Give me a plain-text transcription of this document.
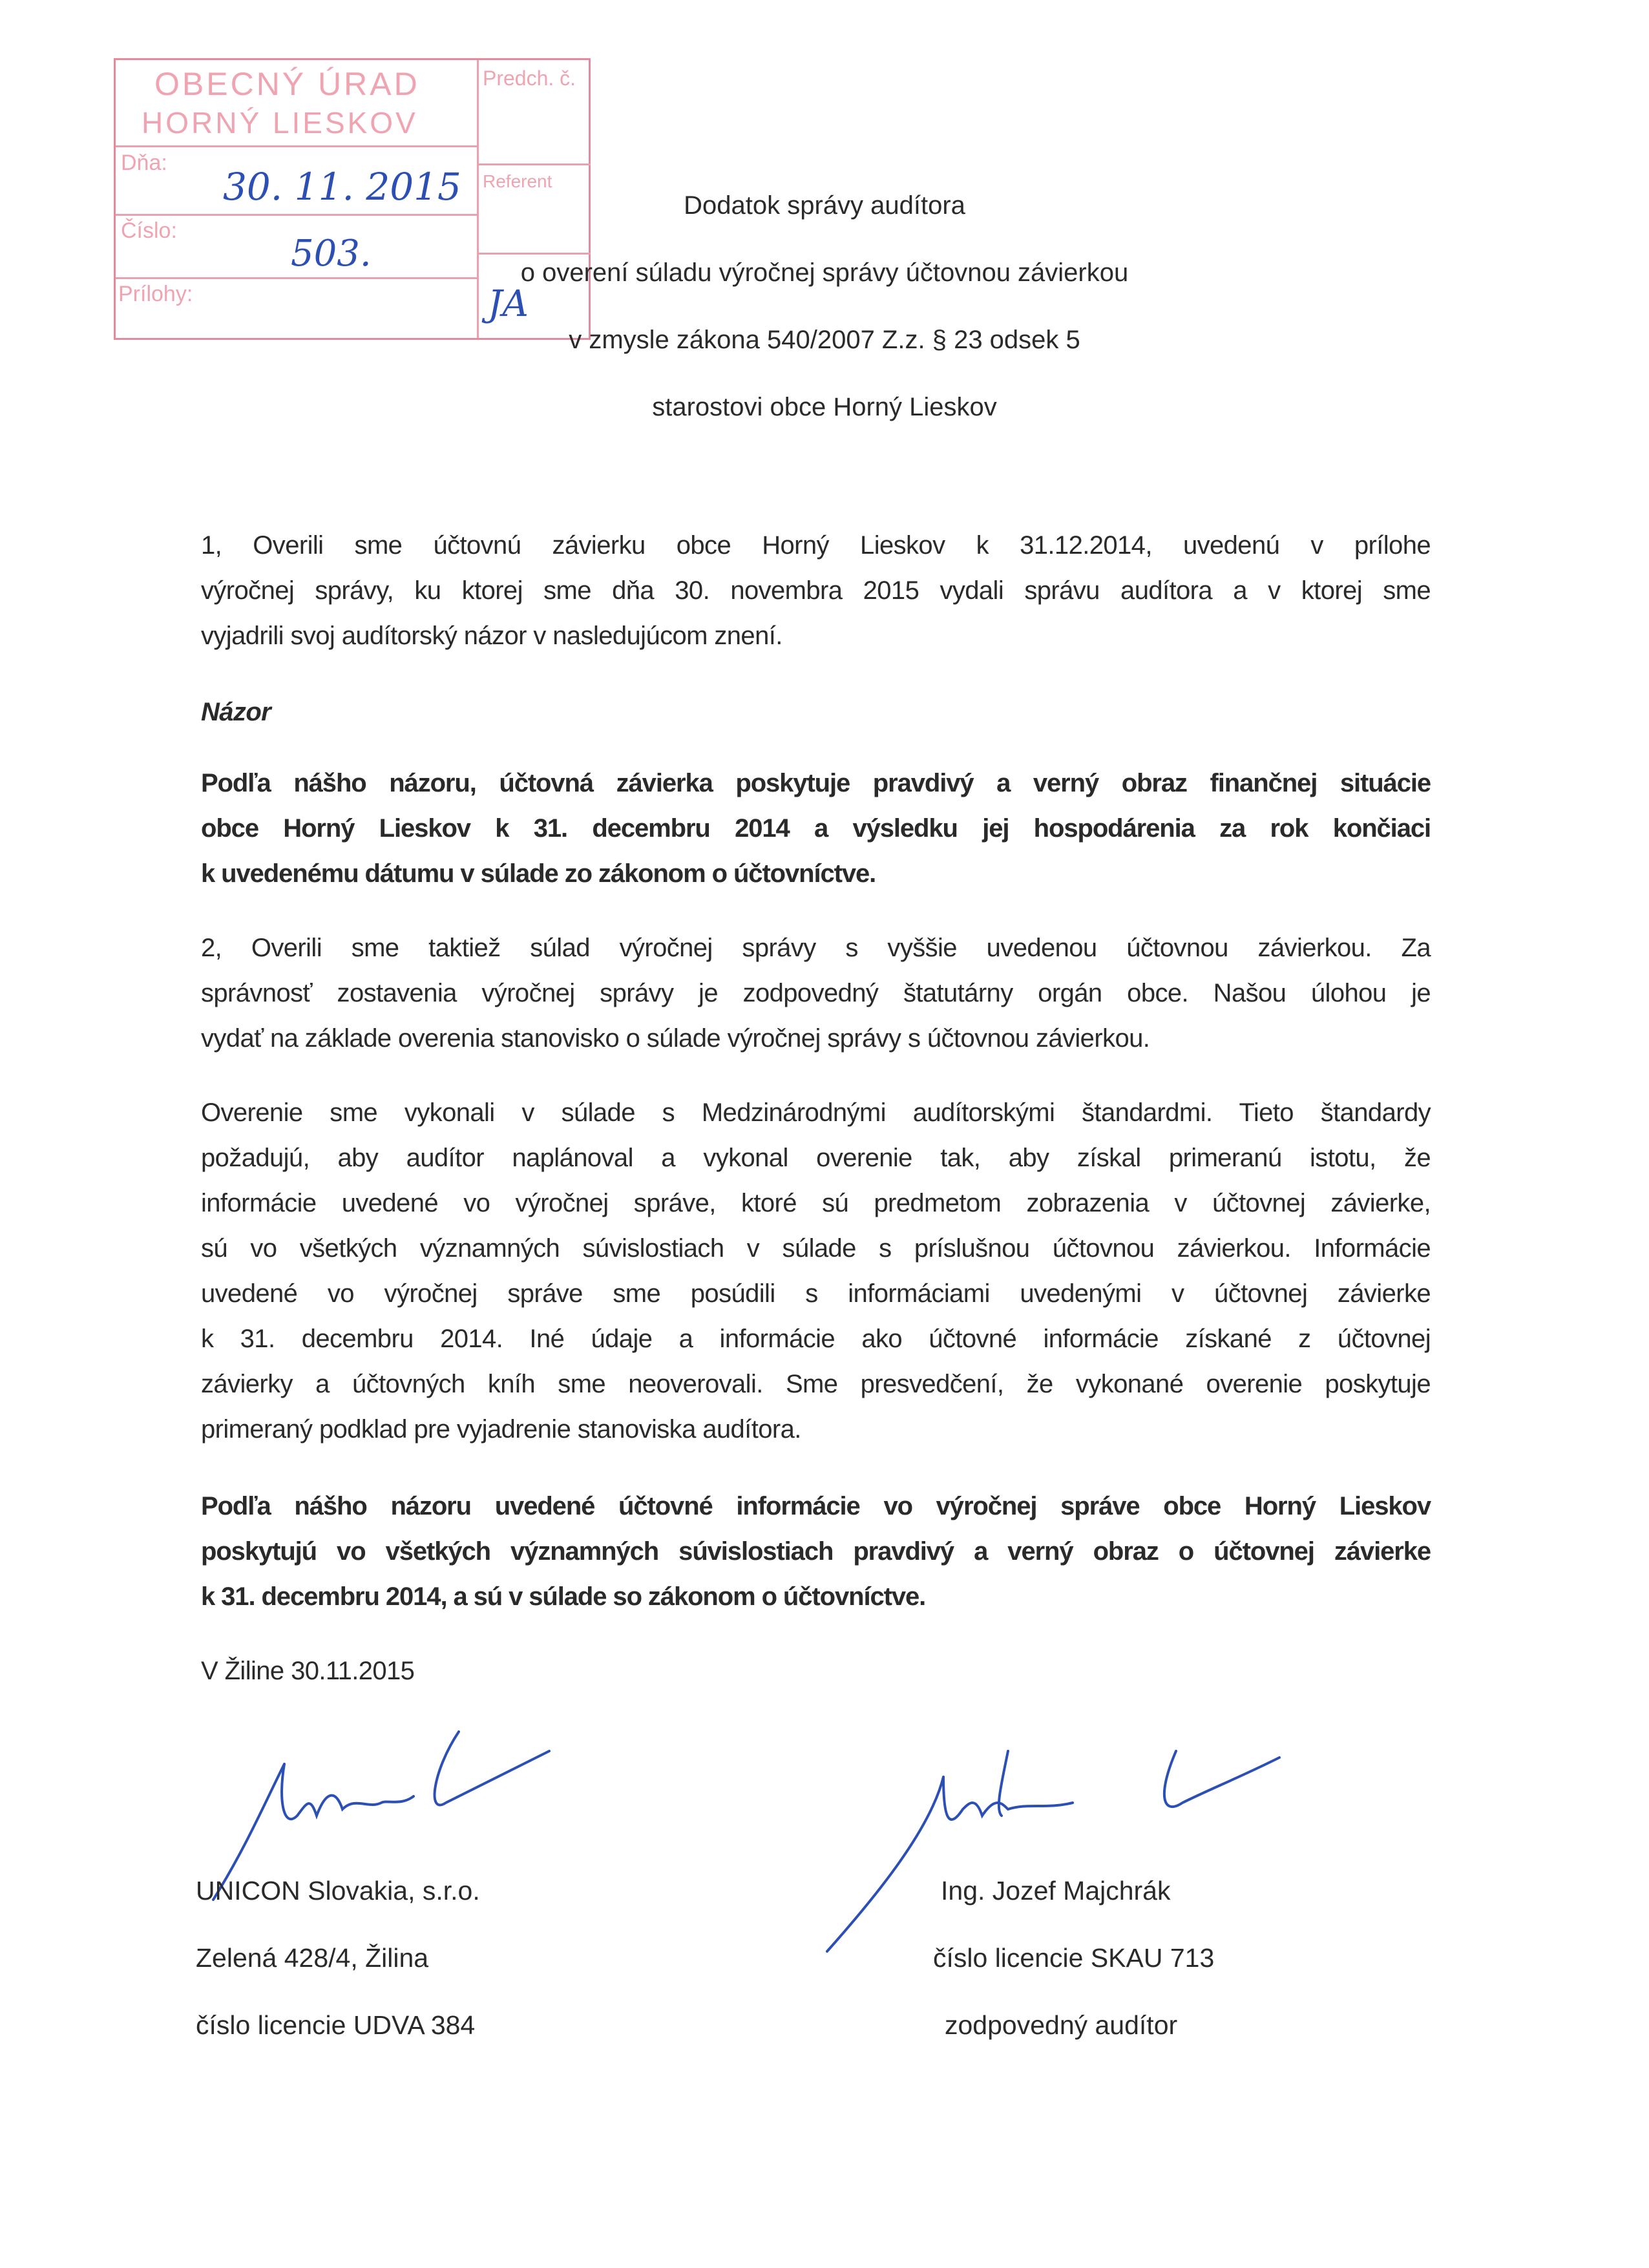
OBECNÝ ÚRAD
HORNÝ LIESKOV
Dňa:
Číslo:
Prílohy:
Predch. č.
Referent
30. 11. 2015
503.
JA
Dodatok správy audítora
o overení súladu výročnej správy účtovnou závierkou
v zmysle zákona 540/2007 Z.z. § 23 odsek 5
starostovi obce Horný Lieskov
1, Overili sme účtovnú závierku obce Horný Lieskov k 31.12.2014, uvedenú v prílohe
výročnej správy, ku ktorej sme dňa 30. novembra 2015 vydali správu audítora a v ktorej sme
vyjadrili svoj audítorský názor v nasledujúcom znení.
Názor
Podľa nášho názoru, účtovná závierka poskytuje pravdivý a verný obraz finančnej situácie
obce Horný Lieskov k 31. decembru 2014 a výsledku jej hospodárenia za rok končiaci
k uvedenému dátumu v súlade zo zákonom o účtovníctve.
2, Overili sme taktiež súlad výročnej správy s vyššie uvedenou účtovnou závierkou. Za
správnosť zostavenia výročnej správy je zodpovedný štatutárny orgán obce. Našou úlohou je
vydať na základe overenia stanovisko o súlade výročnej správy s účtovnou závierkou.
Overenie sme vykonali v súlade s Medzinárodnými audítorskými štandardmi. Tieto štandardy
požadujú, aby audítor naplánoval a vykonal overenie tak, aby získal primeranú istotu, že
informácie uvedené vo výročnej správe, ktoré sú predmetom zobrazenia v účtovnej závierke,
sú vo všetkých významných súvislostiach v súlade s príslušnou účtovnou závierkou. Informácie
uvedené vo výročnej správe sme posúdili s informáciami uvedenými v účtovnej závierke
k 31. decembru 2014. Iné údaje a informácie ako účtovné informácie získané z účtovnej
závierky a účtovných kníh sme neoverovali. Sme presvedčení, že vykonané overenie poskytuje
primeraný podklad pre vyjadrenie stanoviska audítora.
Podľa nášho názoru uvedené účtovné informácie vo výročnej správe obce Horný Lieskov
poskytujú vo všetkých významných súvislostiach pravdivý a verný obraz o účtovnej závierke
k 31. decembru 2014, a sú v súlade so zákonom o účtovníctve.
V Žiline 30.11.2015
UNICON Slovakia, s.r.o.
Zelená 428/4, Žilina
číslo licencie UDVA 384
Ing. Jozef Majchrák
číslo licencie SKAU 713
zodpovedný audítor
